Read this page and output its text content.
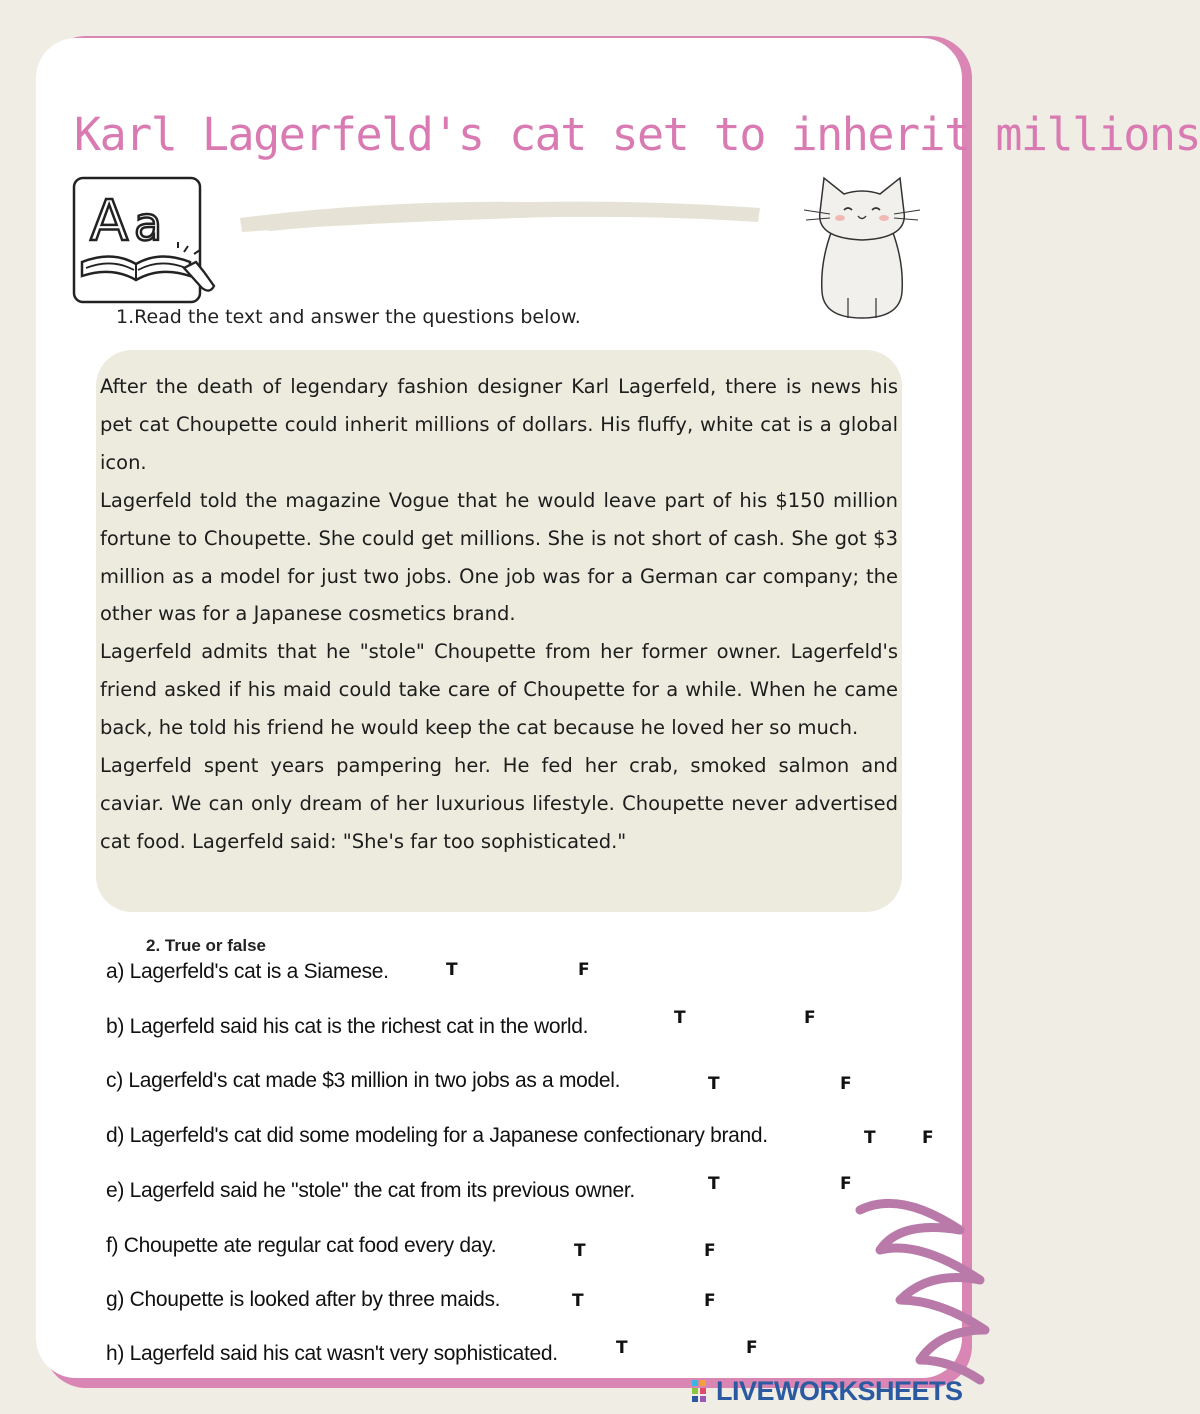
Karl Lagerfeld's cat set to inherit millions
A a
1.Read the text and answer the questions below.

After the death of legendary fashion designer Karl Lagerfeld, there is news his pet cat Choupette could inherit millions of dollars. His fluffy, white cat is a global icon.

Lagerfeld told the magazine Vogue that he would leave part of his $150 million fortune to Choupette. She could get millions. She is not short of cash. She got $3 million as a model for just two jobs. One job was for a German car company; the other was for a Japanese cosmetics brand.

Lagerfeld admits that he "stole" Choupette from her former owner. Lagerfeld's friend asked if his maid could take care of Choupette for a while. When he came back, he told his friend he would keep the cat because he loved her so much.

Lagerfeld spent years pampering her. He fed her crab, smoked salmon and caviar. We can only dream of her luxurious lifestyle. Choupette never advertised cat food. Lagerfeld said: "She's far too sophisticated."

2. True or false
a) Lagerfeld's cat is a Siamese.	T	F
b) Lagerfeld said his cat is the richest cat in the world.	T	F
c) Lagerfeld's cat made $3 million in two jobs as a model.	T	F
d) Lagerfeld's cat did some modeling for a Japanese confectionary brand.	T	F
e) Lagerfeld said he "stole" the cat from its previous owner.	T	F
f) Choupette ate regular cat food every day.	T	F
g) Choupette is looked after by three maids.	T	F
h) Lagerfeld said his cat wasn't very sophisticated.	T	F
LIVEWORKSHEETS
